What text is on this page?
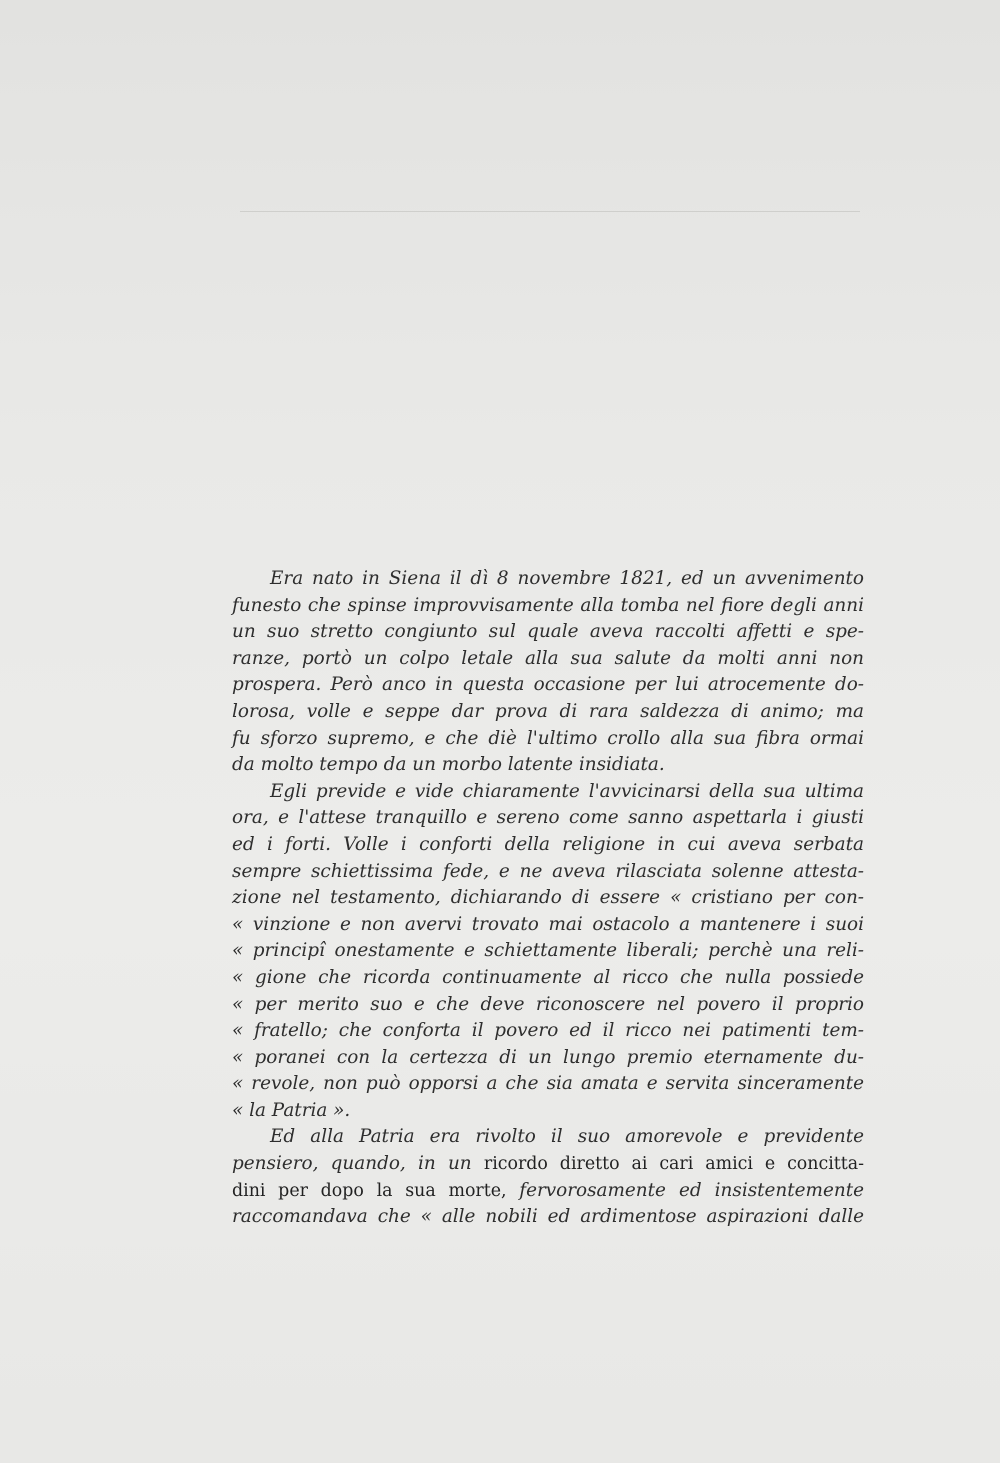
Era nato in Siena il dì 8 novembre 1821, ed un avvenimento
funesto che spinse improvvisamente alla tomba nel fiore degli anni
un suo stretto congiunto sul quale aveva raccolti affetti e spe-
ranze, portò un colpo letale alla sua salute da molti anni non
prospera. Però anco in questa occasione per lui atrocemente do-
lorosa, volle e seppe dar prova di rara saldezza di animo; ma
fu sforzo supremo, e che diè l'ultimo crollo alla sua fibra ormai
da molto tempo da un morbo latente insidiata.
Egli previde e vide chiaramente l'avvicinarsi della sua ultima
ora, e l'attese tranquillo e sereno come sanno aspettarla i giusti
ed i forti. Volle i conforti della religione in cui aveva serbata
sempre schiettissima fede, e ne aveva rilasciata solenne attesta-
zione nel testamento, dichiarando di essere « cristiano per con-
« vinzione e non avervi trovato mai ostacolo a mantenere i suoi
« principî onestamente e schiettamente liberali; perchè una reli-
« gione che ricorda continuamente al ricco che nulla possiede
« per merito suo e che deve riconoscere nel povero il proprio
« fratello; che conforta il povero ed il ricco nei patimenti tem-
« poranei con la certezza di un lungo premio eternamente du-
« revole, non può opporsi a che sia amata e servita sinceramente
« la Patria ».
Ed alla Patria era rivolto il suo amorevole e previdente
pensiero, quando, in un ricordo diretto ai cari amici e concitta-
dini per dopo la sua morte, fervorosamente ed insistentemente
raccomandava che « alle nobili ed ardimentose aspirazioni dalle
